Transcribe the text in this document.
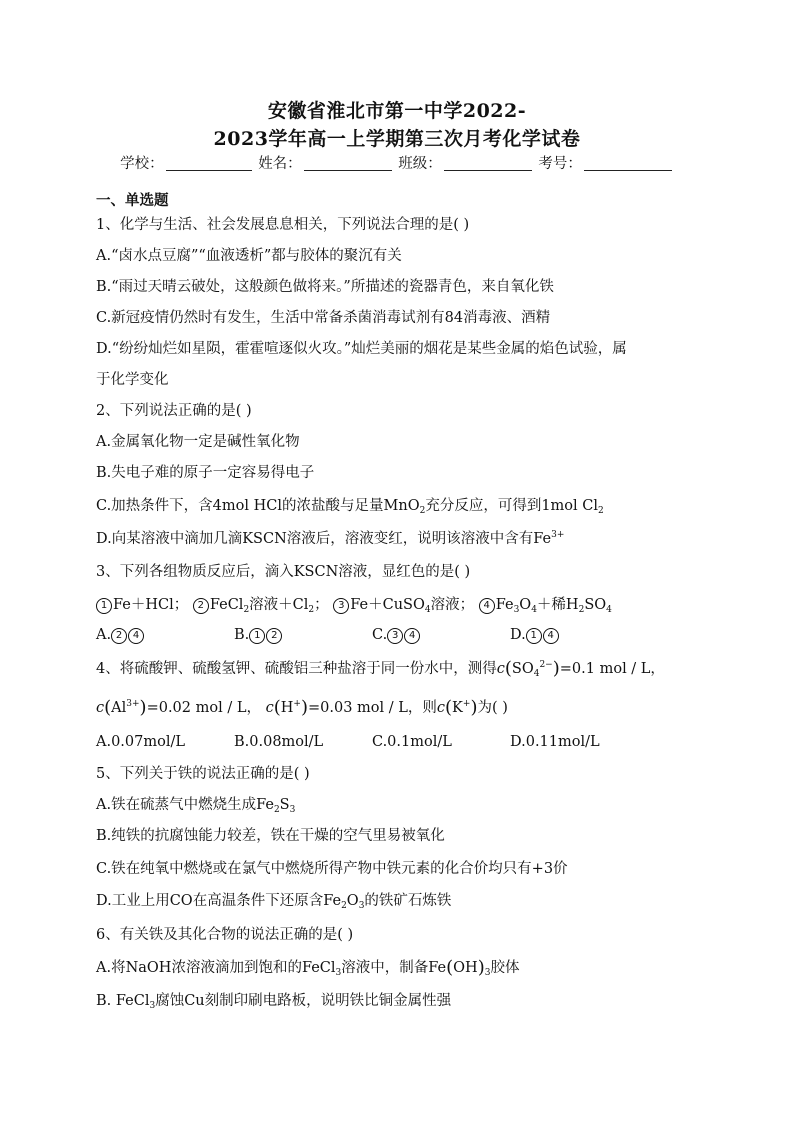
安徽省淮北市第一中学2022-
2023学年高一上学期第三次月考化学试卷
学校：	姓名：	班级：	考号：
一、单选题
1、化学与生活、社会发展息息相关，下列说法合理的是( )
A.“卤水点豆腐”“血液透析”都与胶体的聚沉有关
B.“雨过天晴云破处，这般颜色做将来。”所描述的瓷器青色，来自氧化铁
C.新冠疫情仍然时有发生，生活中常备杀菌消毒试剂有84消毒液、酒精
D.“纷纷灿烂如星陨，霍霍喧逐似火攻。”灿烂美丽的烟花是某些金属的焰色试验，属
于化学变化
2、下列说法正确的是( )
A.金属氧化物一定是碱性氧化物
B.失电子难的原子一定容易得电子
C.加热条件下，含4mol HCl的浓盐酸与足量MnO$_2$充分反应，可得到1mol $Cl_2$
D.向某溶液中滴加几滴KSCN溶液后，溶液变红，说明该溶液中含有$Fe^{3+}$
3、下列各组物质反应后，滴入KSCN溶液，显红色的是( )
1 Fe＋HCl； 2 FeCl$_2$溶液$+Cl_2$； 3 Fe＋CuSO$_4$溶液； 4 $Fe_3O_4+$稀$H_2SO_4$
A. 2 4	B. 1 2	C. 3 4	D. 1 4
4、将硫酸钾、硫酸氢钾、硫酸铝三种盐溶于同一份水中，测得$c(SO_4^{2-})=0.1$ mol / L，
$c(Al^{3+})=0.02$ mol / L， c(H+)=0.03 mol / L，则c(K+)为( )
A.0.07mol/L	B.0.08mol/L	C.0.1mol/L	D.0.11mol/L
5、下列关于铁的说法正确的是( )
A.铁在硫蒸气中燃烧生成$Fe_2S_3$
B.纯铁的抗腐蚀能力较差，铁在干燥的空气里易被氧化
C.铁在纯氧中燃烧或在氯气中燃烧所得产物中铁元素的化合价均只有+3价
D.工业上用CO在高温条件下还原含$Fe_2O_3$的铁矿石炼铁
6、有关铁及其化合物的说法正确的是( )
A.将NaOH浓溶液滴加到饱和的FeCl$_3$溶液中，制备$Fe(OH)_3$胶体
B. FeCl$_3$腐蚀Cu刻制印刷电路板，说明铁比铜金属性强
